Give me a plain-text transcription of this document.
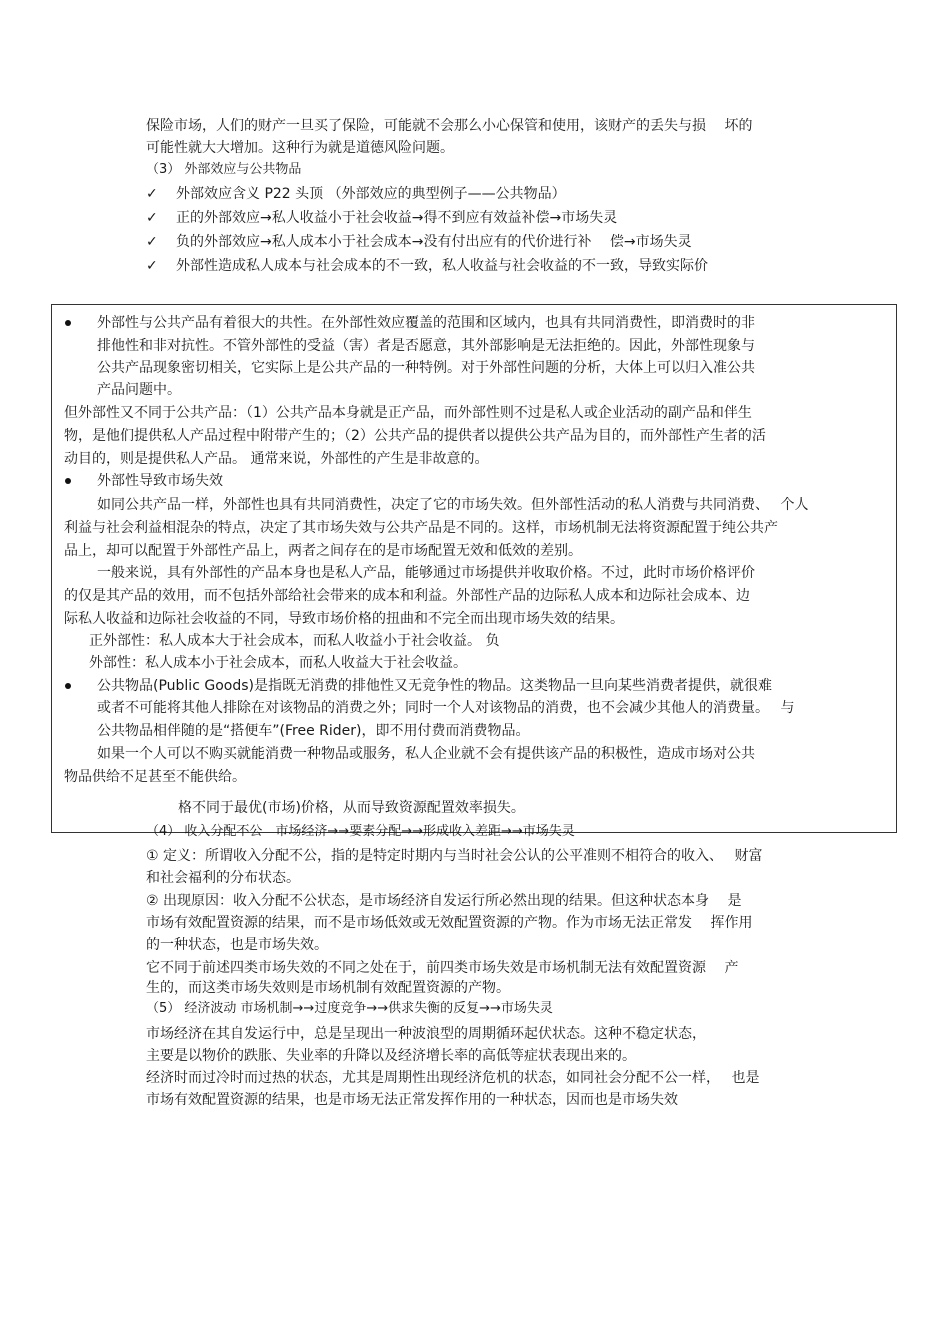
保险市场，人们的财产一旦买了保险，可能就不会那么小心保管和使用，该财产的丢失与损　 坏的
可能性就大大增加。这种行为就是道德风险问题。
（3） 外部效应与公共物品
✓ 外部效应含义 P22 头顶 （外部效应的典型例子——公共物品）
✓ 正的外部效应→私人收益小于社会收益→得不到应有效益补偿→市场失灵
✓ 负的外部效应→私人成本小于社会成本→没有付出应有的代价进行补　 偿→市场失灵
✓ 外部性造成私人成本与社会成本的不一致，私人收益与社会收益的不一致，导致实际价
外部性与公共产品有着很大的共性。在外部性效应覆盖的范围和区域内，也具有共同消费性，即消费时的非
排他性和非对抗性。不管外部性的受益（害）者是否愿意，其外部影响是无法拒绝的。因此，外部性现象与
公共产品现象密切相关，它实际上是公共产品的一种特例。对于外部性问题的分析，大体上可以归入准公共
产品问题中。
但外部性又不同于公共产品：（1）公共产品本身就是正产品，而外部性则不过是私人或企业活动的副产品和伴生
物，是他们提供私人产品过程中附带产生的；（2）公共产品的提供者以提供公共产品为目的，而外部性产生者的活
动目的，则是提供私人产品。 通常来说，外部性的产生是非故意的。
外部性导致市场失效
如同公共产品一样，外部性也具有共同消费性，决定了它的市场失效。但外部性活动的私人消费与共同消费、　 个人
利益与社会利益相混杂的特点，决定了其市场失效与公共产品是不同的。这样，市场机制无法将资源配置于纯公共产
品上，却可以配置于外部性产品上，两者之间存在的是市场配置无效和低效的差别。
一般来说，具有外部性的产品本身也是私人产品，能够通过市场提供并收取价格。不过，此时市场价格评价
的仅是其产品的效用，而不包括外部给社会带来的成本和利益。外部性产品的边际私人成本和边际社会成本、边
际私人收益和边际社会收益的不同，导致市场价格的扭曲和不完全而出现市场失效的结果。
正外部性：私人成本大于社会成本，而私人收益小于社会收益。 负
外部性：私人成本小于社会成本，而私人收益大于社会收益。
公共物品(Public Goods)是指既无消费的排他性又无竞争性的物品。这类物品一旦向某些消费者提供，就很难
或者不可能将其他人排除在对该物品的消费之外；同时一个人对该物品的消费，也不会减少其他人的消费量。　 与
公共物品相伴随的是“搭便车”(Free Rider)，即不用付费而消费物品。
如果一个人可以不购买就能消费一种物品或服务，私人企业就不会有提供该产品的积极性，造成市场对公共
物品供给不足甚至不能供给。
格不同于最优(市场)价格，从而导致资源配置效率损失。
（4） 收入分配不公　市场经济→→要素分配→→形成收入差距→→市场失灵
① 定义：所谓收入分配不公，指的是特定时期内与当时社会公认的公平准则不相符合的收入、　 财富
和社会福利的分布状态。
② 出现原因：收入分配不公状态，是市场经济自发运行所必然出现的结果。但这种状态本身　 是
市场有效配置资源的结果，而不是市场低效或无效配置资源的产物。作为市场无法正常发　 挥作用
的一种状态，也是市场失效。
它不同于前述四类市场失效的不同之处在于，前四类市场失效是市场机制无法有效配置资源　 产
生的，而这类市场失效则是市场机制有效配置资源的产物。
（5） 经济波动 市场机制→→过度竞争→→供求失衡的反复→→市场失灵
市场经济在其自发运行中，总是呈现出一种波浪型的周期循环起伏状态。这种不稳定状态，
主要是以物价的跌胀、失业率的升降以及经济增长率的高低等症状表现出来的。
经济时而过冷时而过热的状态，尤其是周期性出现经济危机的状态，如同社会分配不公一样，　 也是
市场有效配置资源的结果，也是市场无法正常发挥作用的一种状态，因而也是市场失效
